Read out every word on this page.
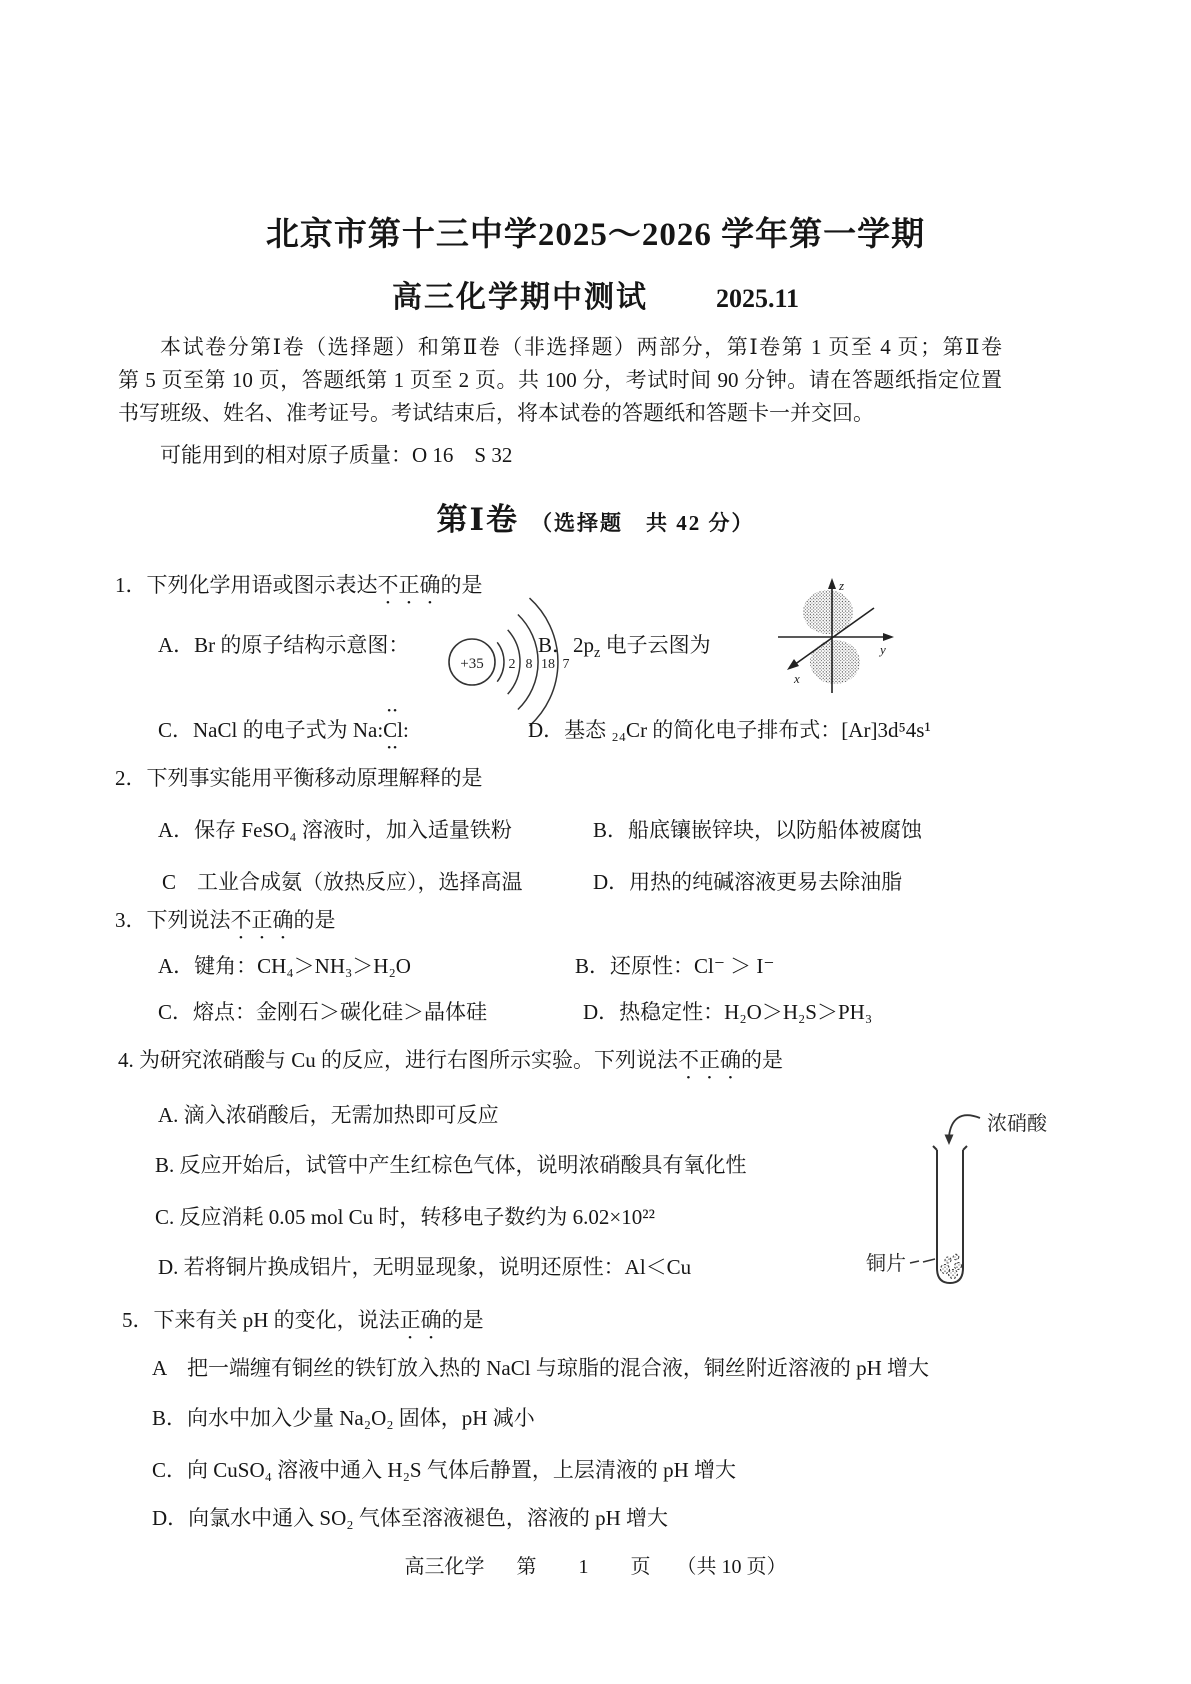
北京市第十三中学2025～2026 学年第一学期
高三化学期中测试	2025.11
本试卷分第Ⅰ卷（选择题）和第Ⅱ卷（非选择题）两部分，第Ⅰ卷第 1 页至 4 页；第Ⅱ卷
第 5 页至第 10 页，答题纸第 1 页至 2 页。共 100 分，考试时间 90 分钟。请在答题纸指定位置
书写班级、姓名、准考证号。考试结束后，将本试卷的答题纸和答题卡一并交回。
可能用到的相对原子质量：O 16　S 32
第Ⅰ卷 （选择题　共 42 分）
1．下列化学用语或图示表达不正确的是
A．Br 的原子结构示意图：	B．$2p_z$ 电子云图为
+35 2 8 18 7
z
y
x
C．NaCl 的电子式为 Na:
••
Cl
••
:	D．基态 ₂₄Cr 的简化电子排布式：[Ar]3d⁵4s¹
2．下列事实能用平衡移动原理解释的是
A．保存 FeSO₄ 溶液时，加入适量铁粉	B．船底镶嵌锌块，以防船体被腐蚀
C　工业合成氨（放热反应），选择高温	D．用热的纯碱溶液更易去除油脂
3．下列说法不正确的是
A．键角：CH₄＞NH₃＞H₂O	B．还原性：Cl⁻ ＞ I⁻
C．熔点：金刚石＞碳化硅＞晶体硅	D．热稳定性：H₂O＞H₂S＞PH₃
4. 为研究浓硝酸与 Cu 的反应，进行右图所示实验。下列说法不正确的是
A. 滴入浓硝酸后，无需加热即可反应
B. 反应开始后，试管中产生红棕色气体，说明浓硝酸具有氧化性
C. 反应消耗 0.05 mol Cu 时，转移电子数约为 6.02×10²²
D. 若将铜片换成铝片，无明显现象，说明还原性：Al＜Cu
浓硝酸
铜片
5．下来有关 pH 的变化，说法正确的是
A　把一端缠有铜丝的铁钉放入热的 NaCl 与琼脂的混合液，铜丝附近溶液的 pH 增大
B．向水中加入少量 Na₂O₂ 固体，pH 减小
C．向 CuSO₄ 溶液中通入 H₂S 气体后静置，上层清液的 pH 增大
D．向氯水中通入 SO₂ 气体至溶液褪色，溶液的 pH 增大
高三化学 第 1 页 （共 10 页）
